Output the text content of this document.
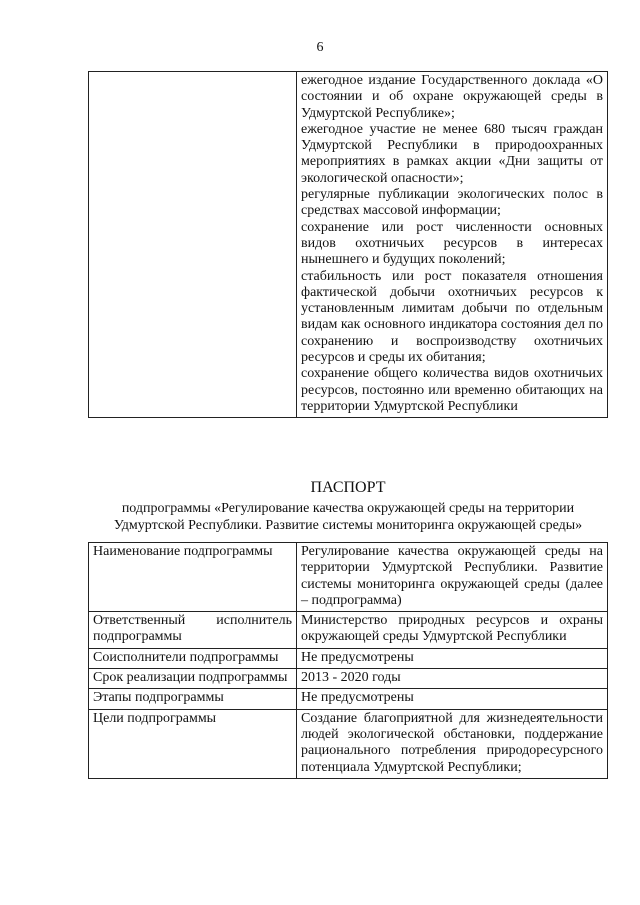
6

ежегодное издание Государственного доклада «О состоянии и об охране окружающей среды в Удмуртской Республике»;
ежегодное участие не менее 680 тысяч граждан Удмуртской Республики в природоохранных мероприятиях в рамках акции «Дни защиты от экологической опасности»;
регулярные публикации экологических полос в средствах массовой информации;
сохранение или рост численности основных видов охотничьих ресурсов в интересах нынешнего и будущих поколений;
стабильность или рост показателя отношения фактической добычи охотничьих ресурсов к установленным лимитам добычи по отдельным видам как основного индикатора состояния дел по сохранению и воспроизводству охотничьих ресурсов и среды их обитания;
сохранение общего количества видов охотничьих ресурсов, постоянно или временно обитающих на территории Удмуртской Республики
ПАСПОРТ
подпрограммы «Регулирование качества окружающей среды на территории Удмуртской Республики. Развитие системы мониторинга окружающей среды»
Наименование подпрограммы	Регулирование качества окружающей среды на территории Удмуртской Республики. Развитие системы мониторинга окружающей среды (далее – подпрограмма)
Ответственный исполнитель подпрограммы	Министерство природных ресурсов и охраны окружающей среды Удмуртской Республики
Соисполнители подпрограммы	Не предусмотрены
Срок реализации подпрограммы	2013 - 2020 годы
Этапы подпрограммы	Не предусмотрены
Цели подпрограммы	Создание благоприятной для жизнедеятельности людей экологической обстановки, поддержание рационального потребления природоресурсного потенциала Удмуртской Республики;
